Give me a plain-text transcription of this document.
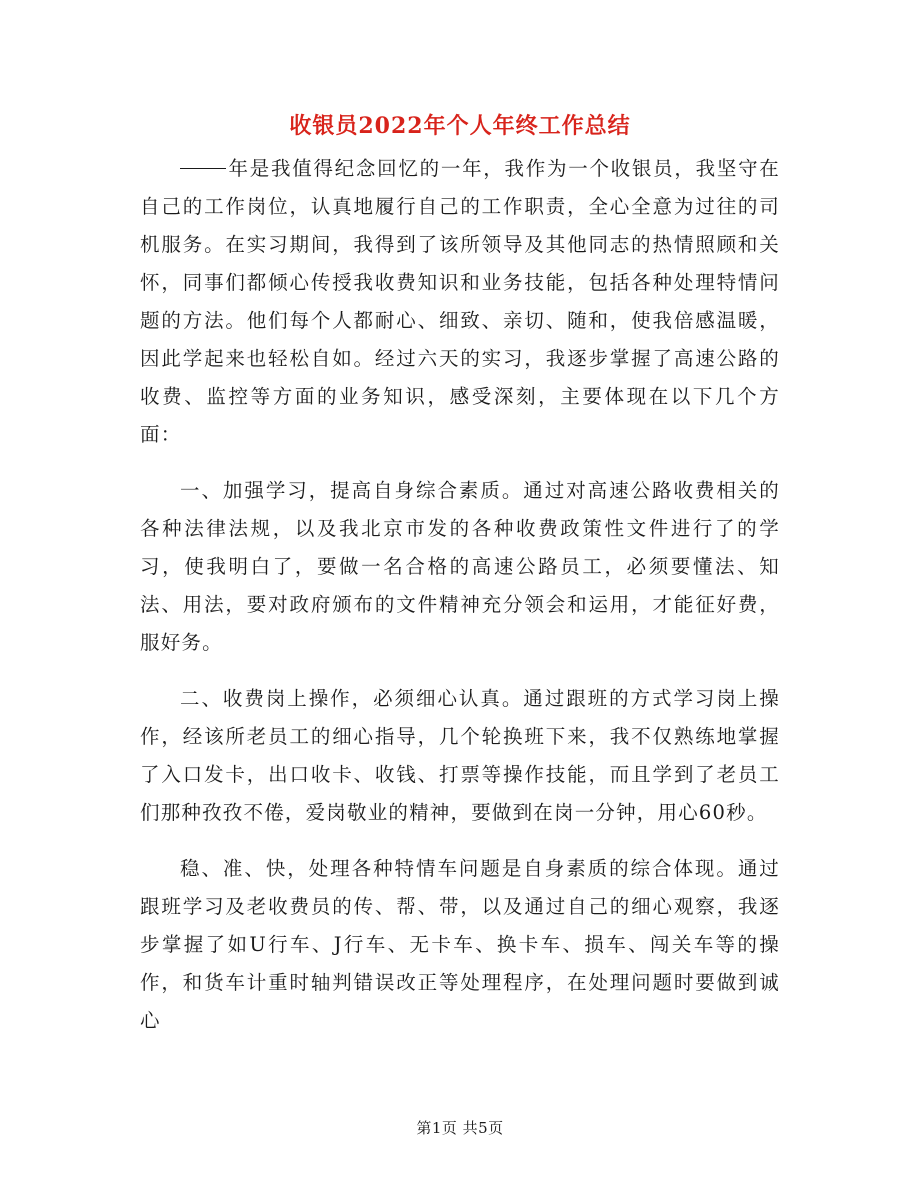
收银员2022年个人年终工作总结

年是我值得纪念回忆的一年，我作为一个收银员，我坚守在自己的工作岗位，认真地履行自己的工作职责，全心全意为过往的司机服务。在实习期间，我得到了该所领导及其他同志的热情照顾和关怀，同事们都倾心传授我收费知识和业务技能，包括各种处理特情问题的方法。他们每个人都耐心、细致、亲切、随和，使我倍感温暖，因此学起来也轻松自如。经过六天的实习，我逐步掌握了高速公路的收费、监控等方面的业务知识，感受深刻，主要体现在以下几个方面：

一、加强学习，提高自身综合素质。通过对高速公路收费相关的各种法律法规，以及我北京市发的各种收费政策性文件进行了的学习，使我明白了，要做一名合格的高速公路员工，必须要懂法、知法、用法，要对政府颁布的文件精神充分领会和运用，才能征好费，服好务。

二、收费岗上操作，必须细心认真。通过跟班的方式学习岗上操作，经该所老员工的细心指导，几个轮换班下来，我不仅熟练地掌握了入口发卡，出口收卡、收钱、打票等操作技能，而且学到了老员工们那种孜孜不倦，爱岗敬业的精神，要做到在岗一分钟，用心60秒。

稳、准、快，处理各种特情车问题是自身素质的综合体现。通过跟班学习及老收费员的传、帮、带，以及通过自己的细心观察，我逐步掌握了如U行车、J行车、无卡车、换卡车、损车、闯关车等的操作，和货车计重时轴判错误改正等处理程序，在处理问题时要做到诚心

第1页 共5页
